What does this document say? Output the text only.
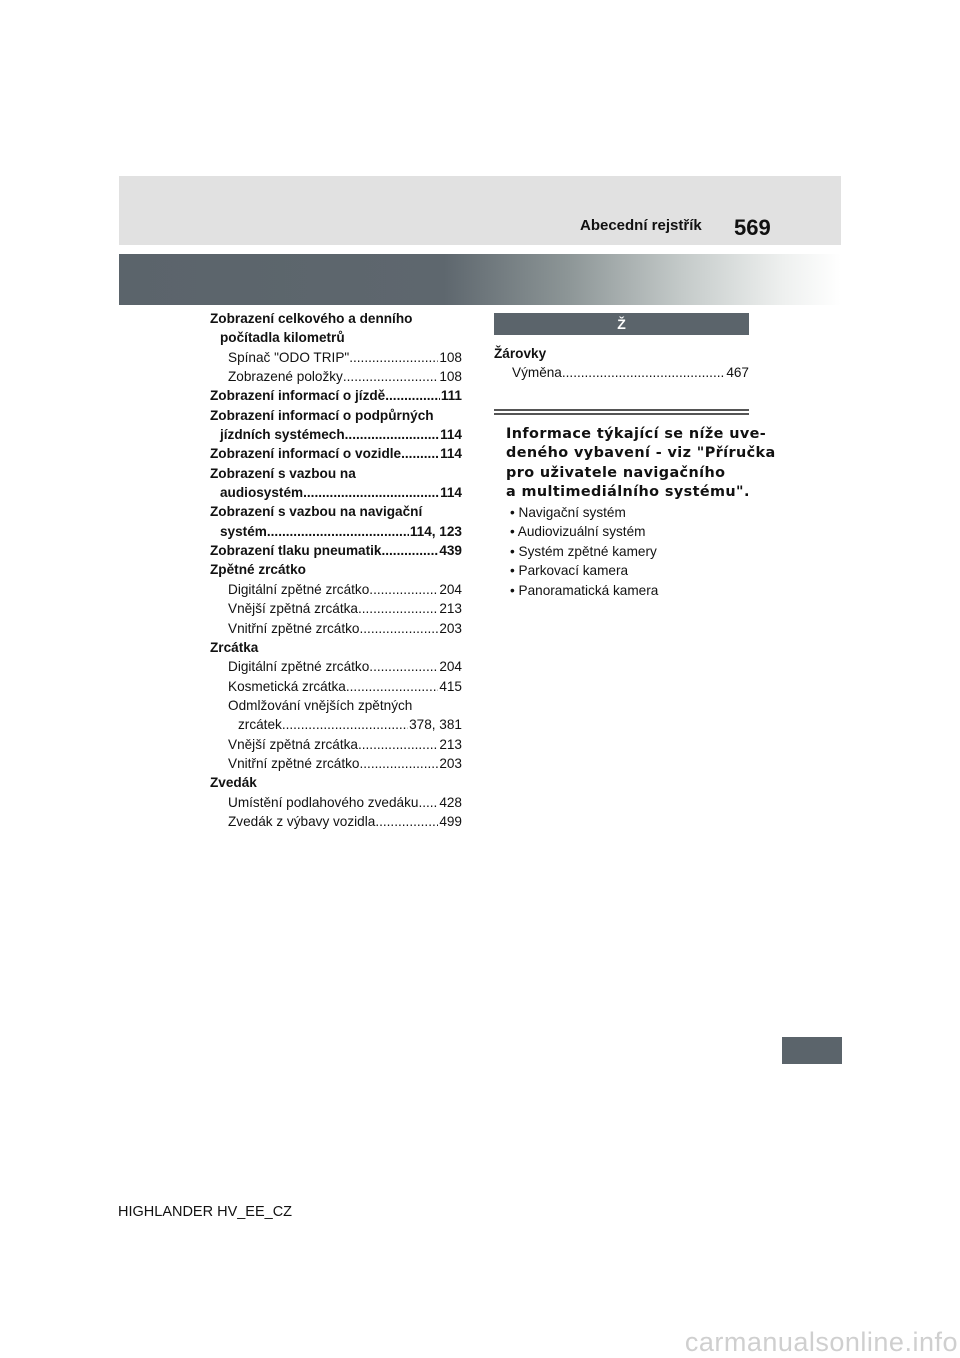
Abecední rejstřík 569
Zobrazení celkového a denního
počítadla kilometrů
Spínač "ODO TRIP" .....	108
Zobrazené položky .....	108
Zobrazení informací o jízdě .....	111
Zobrazení informací o podpůrných
jízdních systémech .....	114
Zobrazení informací o vozidle .....	114
Zobrazení s vazbou na
audiosystém .....	114
Zobrazení s vazbou na navigační
systém .....	114, 123
Zobrazení tlaku pneumatik .....	439
Zpětné zrcátko
Digitální zpětné zrcátko .....	204
Vnější zpětná zrcátka .....	213
Vnitřní zpětné zrcátko .....	203
Zrcátka
Digitální zpětné zrcátko .....	204
Kosmetická zrcátka .....	415
Odmlžování vnějších zpětných
zrcátek .....	378, 381
Vnější zpětná zrcátka .....	213
Vnitřní zpětné zrcátko .....	203
Zvedák
Umístění podlahového zvedáku ..... 428
Zvedák z výbavy vozidla .....	499
Ž
Žárovky
Výměna .....	467
Informace týkající se níže uve-
deného vybavení - viz "Příručka
pro uživatele navigačního
a multimediálního systému".
• Navigační systém
• Audiovizuální systém
• Systém zpětné kamery
• Parkovací kamera
• Panoramatická kamera
HIGHLANDER HV_EE_CZ
carmanualsonline.info
